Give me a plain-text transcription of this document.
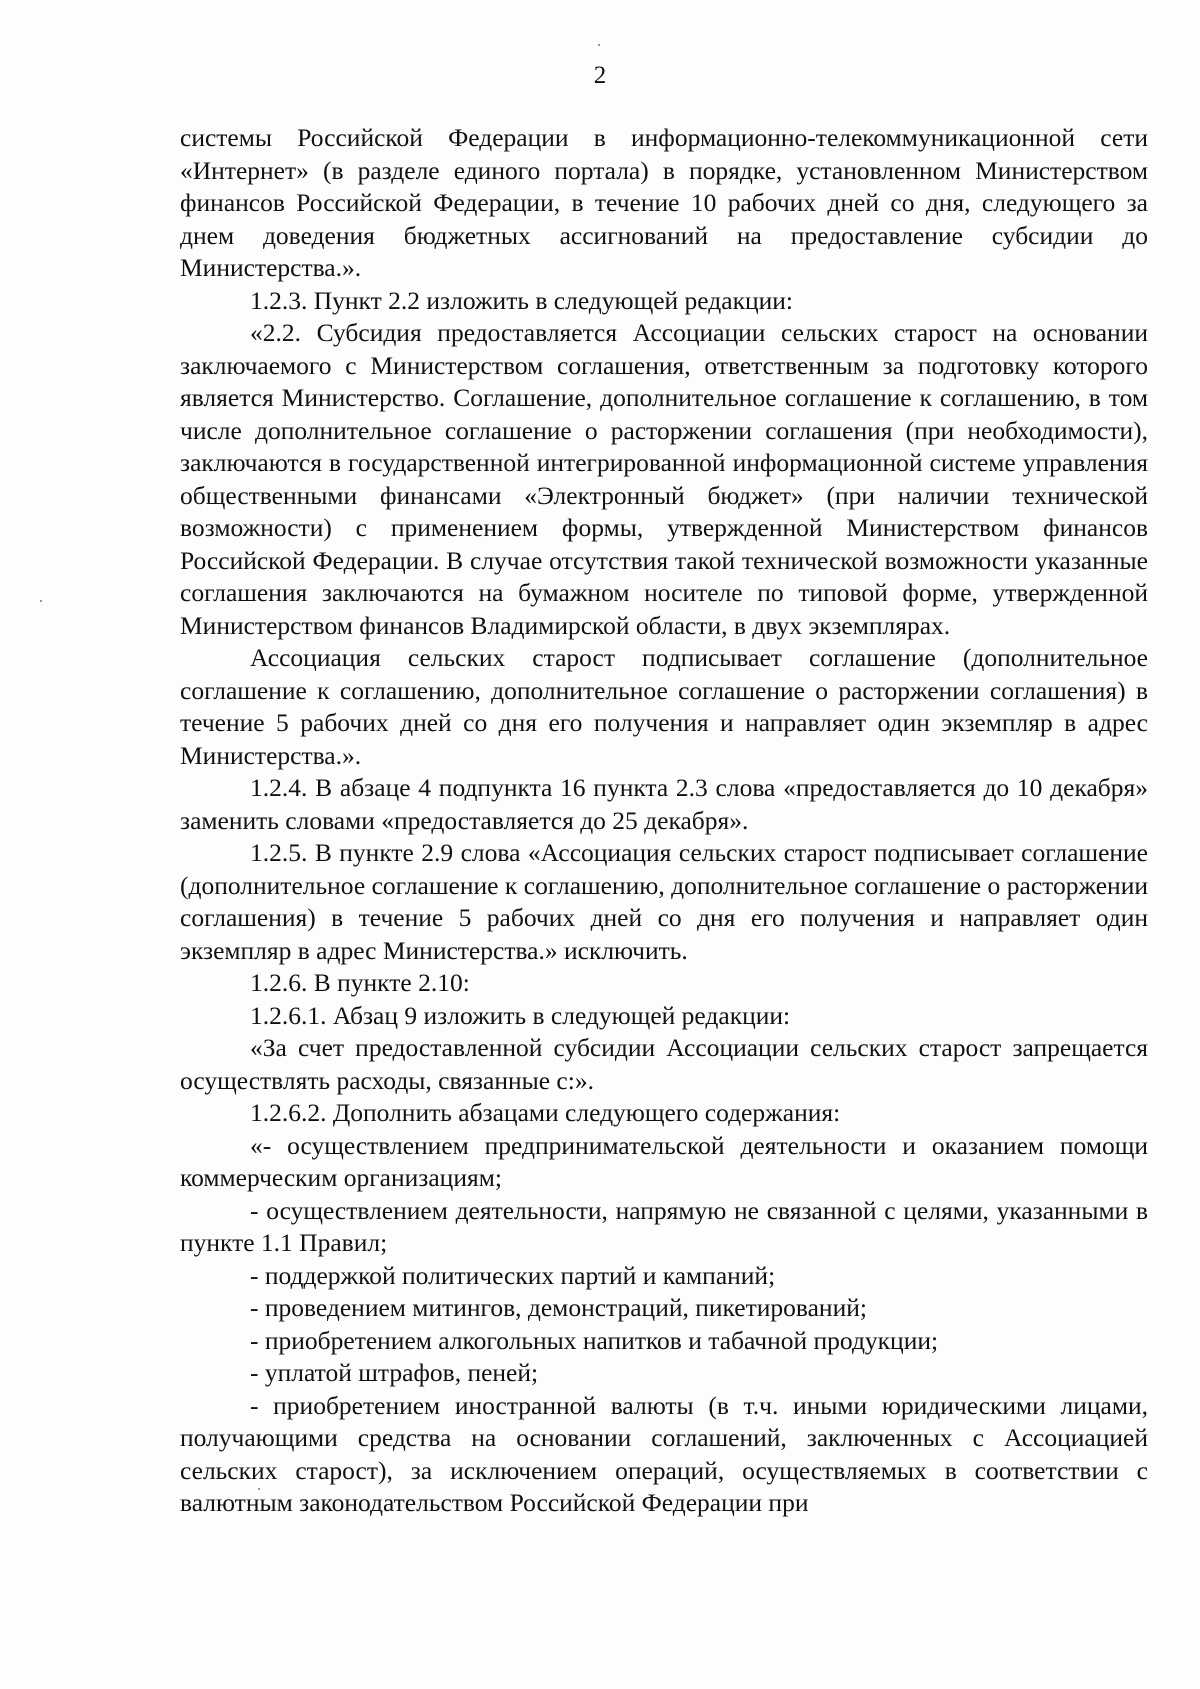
2

системы Российской Федерации в информационно-телекоммуникационной сети «Интернет» (в разделе единого портала) в порядке, установленном Министерством финансов Российской Федерации, в течение 10 рабочих дней со дня, следующего за днем доведения бюджетных ассигнований на предоставление субсидии до Министерства.».

1.2.3. Пункт 2.2 изложить в следующей редакции:

«2.2. Субсидия предоставляется Ассоциации сельских старост на основании заключаемого с Министерством соглашения, ответственным за подготовку которого является Министерство. Соглашение, дополнительное соглашение к соглашению, в том числе дополнительное соглашение о расторжении соглашения (при необходимости), заключаются в государственной интегрированной информационной системе управления общественными финансами «Электронный бюджет» (при наличии технической возможности) с применением формы, утвержденной Министерством финансов Российской Федерации. В случае отсутствия такой технической возможности указанные соглашения заключаются на бумажном носителе по типовой форме, утвержденной Министерством финансов Владимирской области, в двух экземплярах.

Ассоциация сельских старост подписывает соглашение (дополнительное соглашение к соглашению, дополнительное соглашение о расторжении соглашения) в течение 5 рабочих дней со дня его получения и направляет один экземпляр в адрес Министерства.».

1.2.4. В абзаце 4 подпункта 16 пункта 2.3 слова «предоставляется до 10 декабря» заменить словами «предоставляется до 25 декабря».

1.2.5. В пункте 2.9 слова «Ассоциация сельских старост подписывает соглашение (дополнительное соглашение к соглашению, дополнительное соглашение о расторжении соглашения) в течение 5 рабочих дней со дня его получения и направляет один экземпляр в адрес Министерства.» исключить.

1.2.6. В пункте 2.10:

1.2.6.1. Абзац 9 изложить в следующей редакции:

«За счет предоставленной субсидии Ассоциации сельских старост запрещается осуществлять расходы, связанные с:».

1.2.6.2. Дополнить абзацами следующего содержания:

«- осуществлением предпринимательской деятельности и оказанием помощи коммерческим организациям;

- осуществлением деятельности, напрямую не связанной с целями, указанными в пункте 1.1 Правил;

- поддержкой политических партий и кампаний;

- проведением митингов, демонстраций, пикетирований;

- приобретением алкогольных напитков и табачной продукции;

- уплатой штрафов, пеней;

- приобретением иностранной валюты (в т.ч. иными юридическими лицами, получающими средства на основании соглашений, заключенных с Ассоциацией сельских старост), за исключением операций, осуществляемых в соответствии с валютным законодательством Российской Федерации при
